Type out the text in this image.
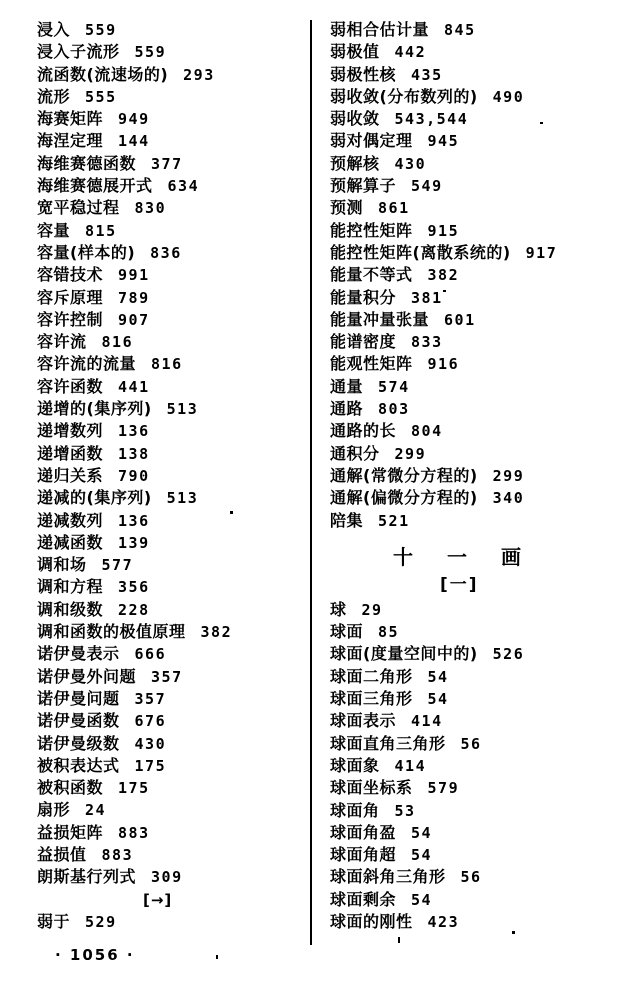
浸入 559
浸入子流形 559
流函数(流速场的) 293
流形 555
海赛矩阵 949
海涅定理 144
海维赛德函数 377
海维赛德展开式 634
宽平稳过程 830
容量 815
容量(样本的) 836
容错技术 991
容斥原理 789
容许控制 907
容许流 816
容许流的流量 816
容许函数 441
递增的(集序列) 513
递增数列 136
递增函数 138
递归关系 790
递减的(集序列) 513
递减数列 136
递减函数 139
调和场 577
调和方程 356
调和级数 228
调和函数的极值原理 382
诺伊曼表示 666
诺伊曼外问题 357
诺伊曼问题 357
诺伊曼函数 676
诺伊曼级数 430
被积表达式 175
被积函数 175
扇形 24
益损矩阵 883
益损值 883
朗斯基行列式 309
[→]
弱于 529
弱相合估计量 845
弱极值 442
弱极性核 435
弱收敛(分布数列的) 490
弱收敛 543,544
弱对偶定理 945
预解核 430
预解算子 549
预测 861
能控性矩阵 915
能控性矩阵(离散系统的) 917
能量不等式 382
能量积分 381
能量冲量张量 601
能谱密度 833
能观性矩阵 916
通量 574
通路 803
通路的长 804
通积分 299
通解(常微分方程的) 299
通解(偏微分方程的) 340
陪集 521
十一画
[一]
球 29
球面 85
球面(度量空间中的) 526
球面二角形 54
球面三角形 54
球面表示 414
球面直角三角形 56
球面象 414
球面坐标系 579
球面角 53
球面角盈 54
球面角超 54
球面斜角三角形 56
球面剩余 54
球面的刚性 423
· 1056 ·
